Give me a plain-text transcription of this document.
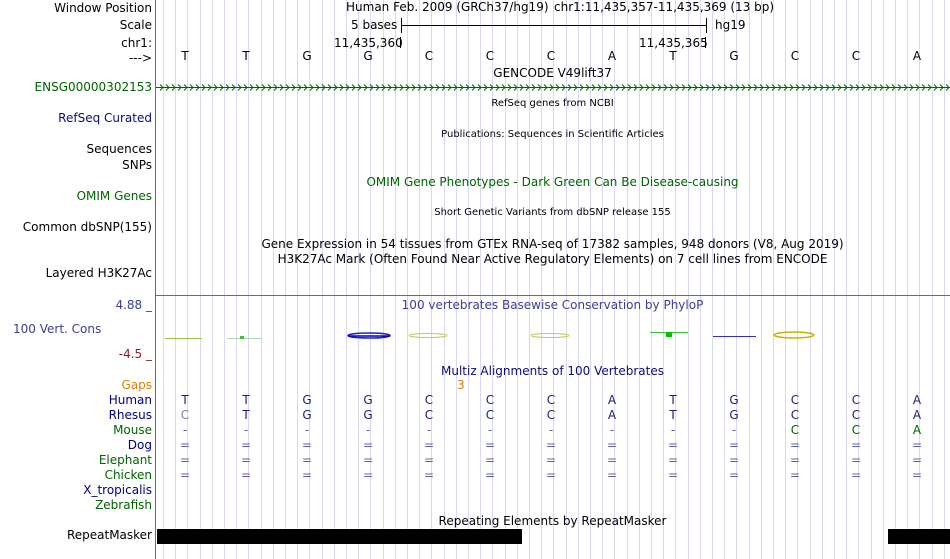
Window Position	Human Feb. 2009 (GRCh37/hg19) chr1:11,435,357-11,435,369 (13 bp)
Scale	5 bases	hg19
chr1:	11,435,360	11,435,365
--->	T	T	G	G	C	C	C	A	T	G	C	C	A
GENCODE V49lift37
ENSG00000302153
RefSeq genes from NCBI
RefSeq Curated
Publications: Sequences in Scientific Articles
Sequences
SNPs
OMIM Gene Phenotypes - Dark Green Can Be Disease-causing
OMIM Genes
Short Genetic Variants from dbSNP release 155
Common dbSNP(155)
Gene Expression in 54 tissues from GTEx RNA-seq of 17382 samples, 948 donors (V8, Aug 2019)
H3K27Ac Mark (Often Found Near Active Regulatory Elements) on 7 cell lines from ENCODE
Layered H3K27Ac
100 vertebrates Basewise Conservation by PhyloP
4.88 _
100 Vert. Cons
-4.5 _
Multiz Alignments of 100 Vertebrates
Gaps	3
Human	T	T	G	G	C	C	C	A	T	G	C	C	A
Rhesus	C	T	G	G	C	C	C	A	T	G	C	C	A
Mouse	-	-	-	-	-	-	-	-	-	-	C	C	A
Dog	=	=	=	=	=	=	=	=	=	=	=	=	=
Elephant	=	=	=	=	=	=	=	=	=	=	=	=	=
Chicken	=	=	=	=	=	=	=	=	=	=	=	=	=
X_tropicalis
Zebrafish
Repeating Elements by RepeatMasker
RepeatMasker
